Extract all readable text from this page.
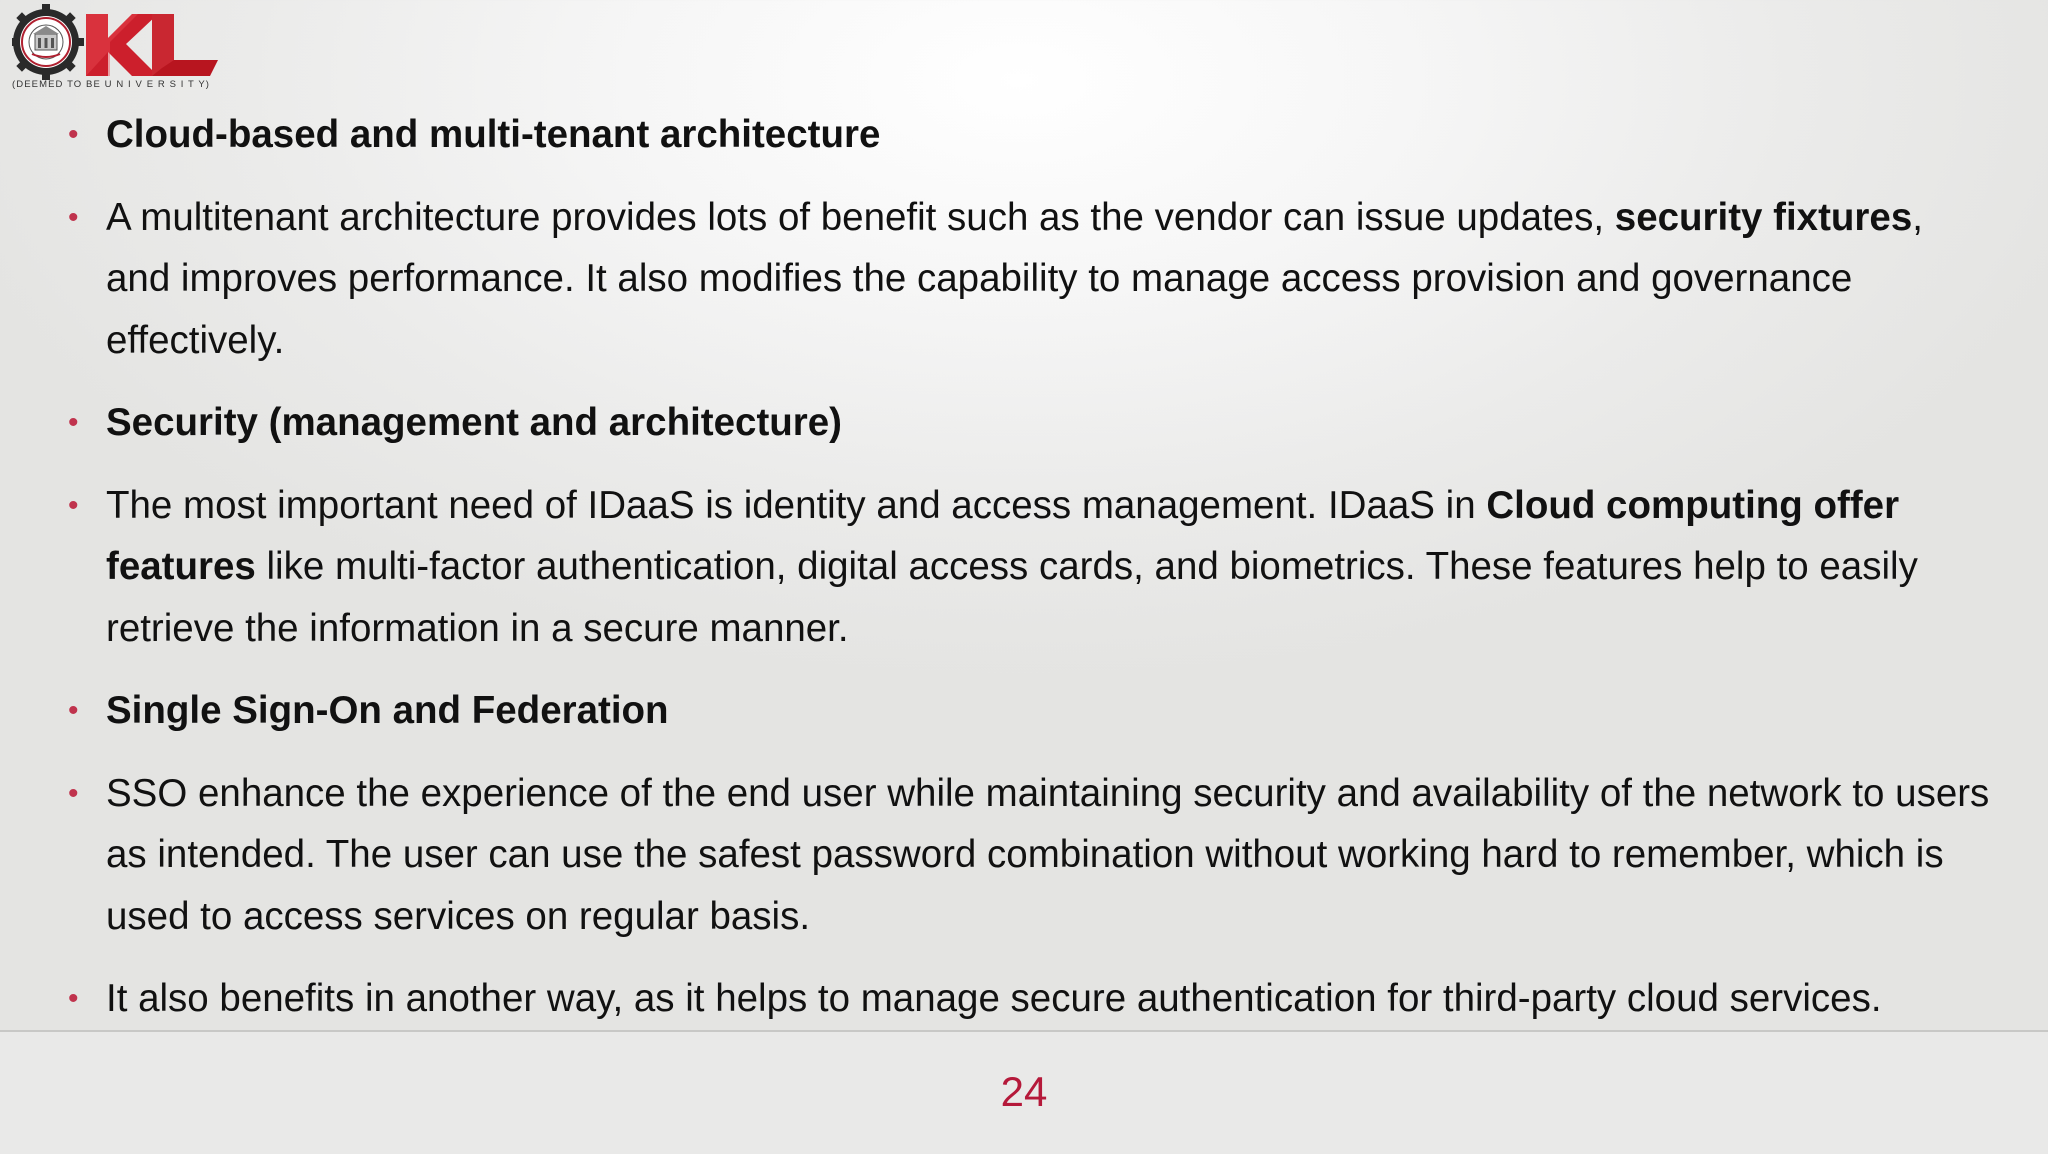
(DEEMED TO BE U N I V E R S I T Y)
• Cloud-based and multi-tenant architecture
• A multitenant architecture provides lots of benefit such as the vendor can issue updates, security fixtures, and improves performance. It also modifies the capability to manage access provision and governance effectively.
• Security (management and architecture)
• The most important need of IDaaS is identity and access management. IDaaS in Cloud computing offer features like multi-factor authentication, digital access cards, and biometrics. These features help to easily retrieve the information in a secure manner.
• Single Sign-On and Federation
• SSO enhance the experience of the end user while maintaining security and availability of the network to users as intended. The user can use the safest password combination without working hard to remember, which is used to access services on regular basis.
• It also benefits in another way, as it helps to manage secure authentication for third-party cloud services.
24
